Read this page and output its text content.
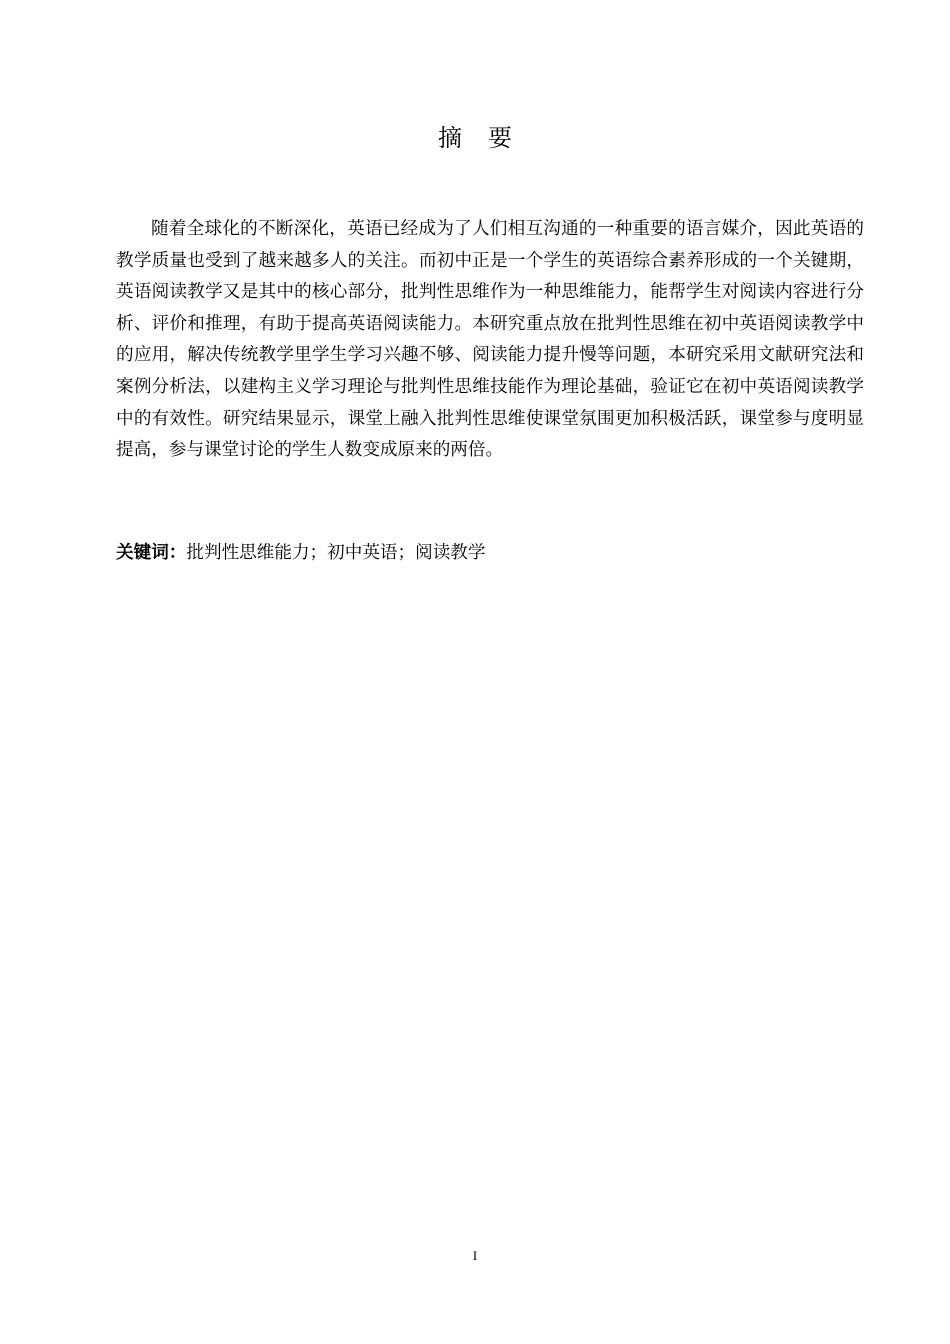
摘 要

随着全球化的不断深化，英语已经成为了人们相互沟通的一种重要的语言媒介，因此英语的教学质量也受到了越来越多人的关注。而初中正是一个学生的英语综合素养形成的一个关键期，英语阅读教学又是其中的核心部分，批判性思维作为一种思维能力，能帮学生对阅读内容进行分析、评价和推理，有助于提高英语阅读能力。本研究重点放在批判性思维在初中英语阅读教学中的应用，解决传统教学里学生学习兴趣不够、阅读能力提升慢等问题，本研究采用文献研究法和案例分析法，以建构主义学习理论与批判性思维技能作为理论基础，验证它在初中英语阅读教学中的有效性。研究结果显示，课堂上融入批判性思维使课堂氛围更加积极活跃，课堂参与度明显提高，参与课堂讨论的学生人数变成原来的两倍。

关键词：批判性思维能力；初中英语；阅读教学

I
